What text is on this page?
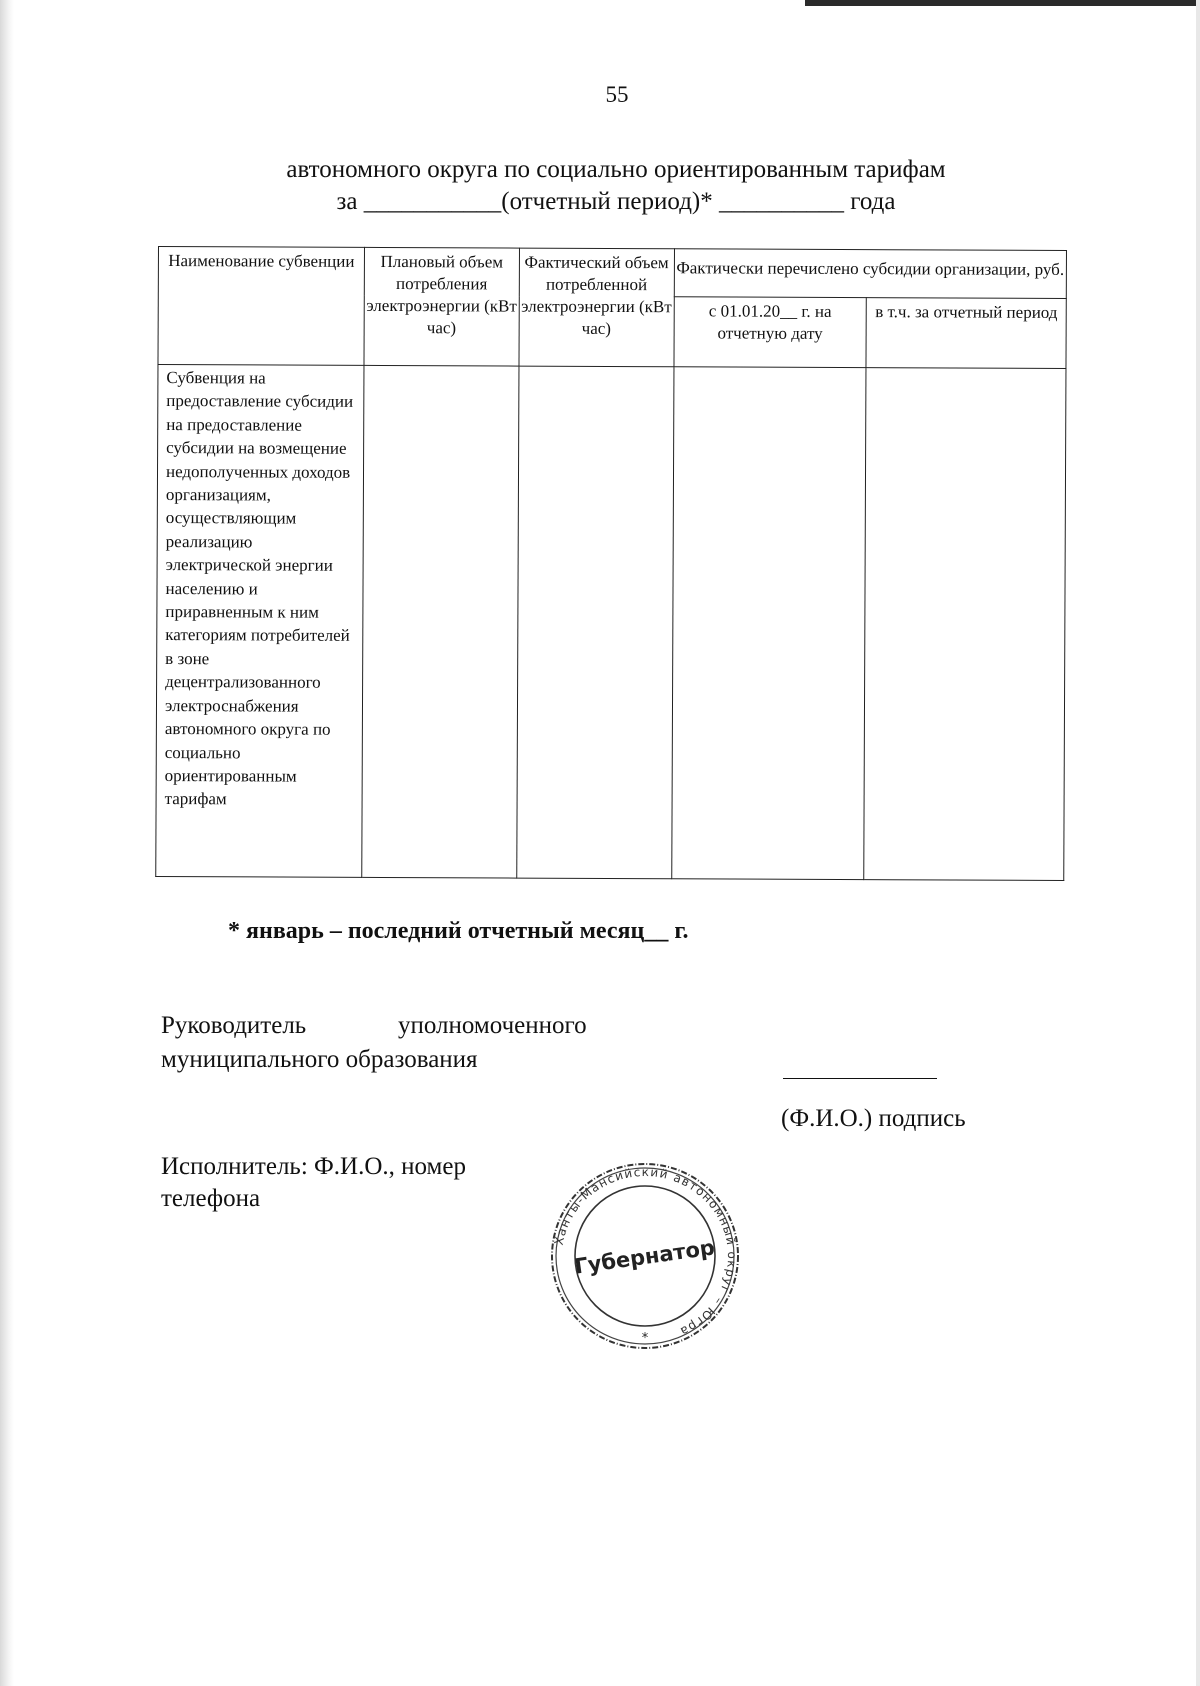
55
автономного округа по социально ориентированным тарифам
за ___________(отчетный период)* __________ года
Наименование субвенции	Плановый объем потребления электроэнергии (кВт час)	Фактический объем потребленной электроэнергии (кВт час)	Фактически перечислено субсидии организации, руб.	
			с 01.01.20__ г. на отчетную дату	в т.ч. за отчетный период
Субвенция на предоставление субсидии на предоставление субсидии на возмещение недополученных доходов организациям, осуществляющим реализацию электрической энергии населению и приравненным к ним категориям потребителей в зоне децентрализованного электроснабжения автономного округа по социально ориентированным тарифам				
* январь – последний отчетный месяц__ г.
Руководитель	уполномоченного
муниципального образования
(Ф.И.О.) подпись
Исполнитель: Ф.И.О., номер
телефона
Ханты-Мансийский автономный округ – Югра
Губернатор
*
